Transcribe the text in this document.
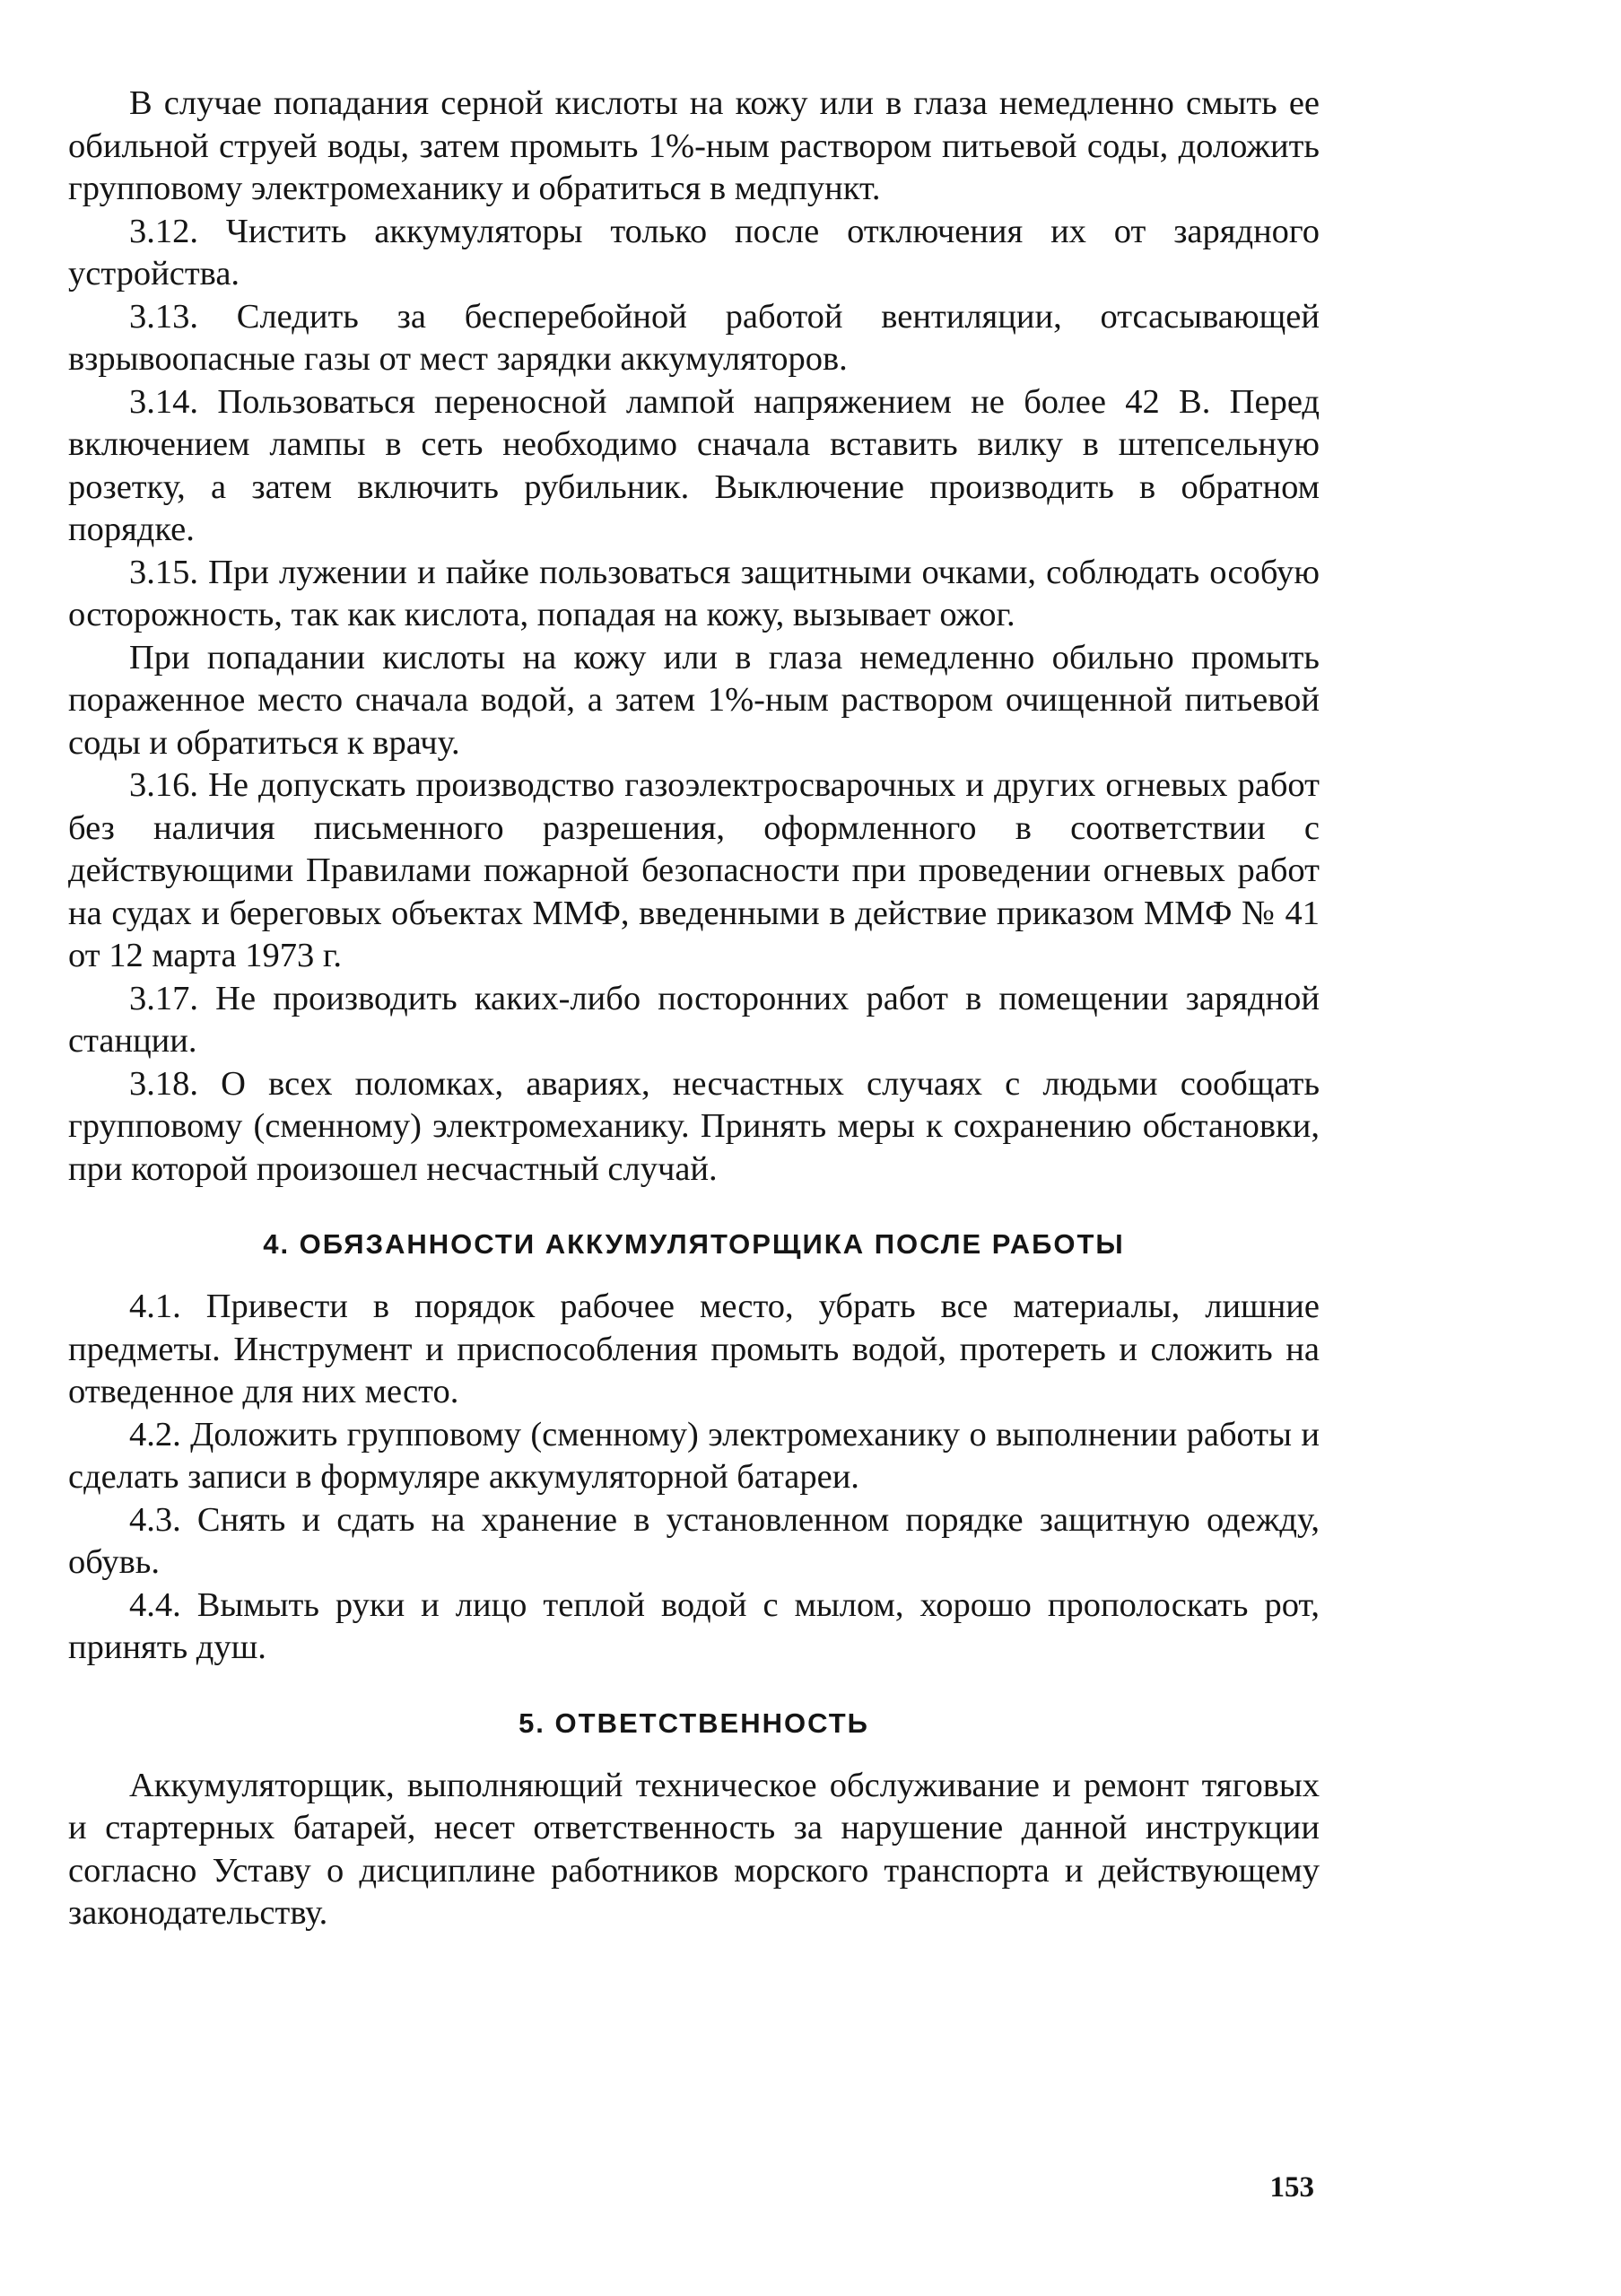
В случае попадания серной кислоты на кожу или в глаза немедленно смыть ее обильной струей воды, затем промыть 1%-ным раствором питьевой соды, доложить групповому электромеханику и обратиться в медпункт.

3.12. Чистить аккумуляторы только после отключения их от зарядного устройства.

3.13. Следить за бесперебойной работой вентиляции, отсасывающей взрывоопасные газы от мест зарядки аккумуляторов.

3.14. Пользоваться переносной лампой напряжением не более 42 В. Перед включением лампы в сеть необходимо сначала вставить вилку в штепсельную розетку, а затем включить рубильник. Выключение производить в обратном порядке.

3.15. При лужении и пайке пользоваться защитными очками, соблюдать особую осторожность, так как кислота, попадая на кожу, вызывает ожог.

При попадании кислоты на кожу или в глаза немедленно обильно промыть пораженное место сначала водой, а затем 1%-ным раствором очищенной питьевой соды и обратиться к врачу.

3.16. Не допускать производство газоэлектросварочных и других огневых работ без наличия письменного разрешения, оформленного в соответствии с действующими Правилами пожарной безопасности при проведении огневых работ на судах и береговых объектах ММФ, введенными в действие приказом ММФ № 41 от 12 марта 1973 г.

3.17. Не производить каких-либо посторонних работ в помещении зарядной станции.

3.18. О всех поломках, авариях, несчастных случаях с людьми сообщать групповому (сменному) электромеханику. Принять меры к сохранению обстановки, при которой произошел несчастный случай.

4. ОБЯЗАННОСТИ АККУМУЛЯТОРЩИКА ПОСЛЕ РАБОТЫ

4.1. Привести в порядок рабочее место, убрать все материалы, лишние предметы. Инструмент и приспособления промыть водой, протереть и сложить на отведенное для них место.

4.2. Доложить групповому (сменному) электромеханику о выполнении работы и сделать записи в формуляре аккумуляторной батареи.

4.3. Снять и сдать на хранение в установленном порядке защитную одежду, обувь.

4.4. Вымыть руки и лицо теплой водой с мылом, хорошо прополоскать рот, принять душ.

5. ОТВЕТСТВЕННОСТЬ

Аккумуляторщик, выполняющий техническое обслуживание и ремонт тяговых и стартерных батарей, несет ответственность за нарушение данной инструкции согласно Уставу о дисциплине работников морского транспорта и действующему законодательству.

153
